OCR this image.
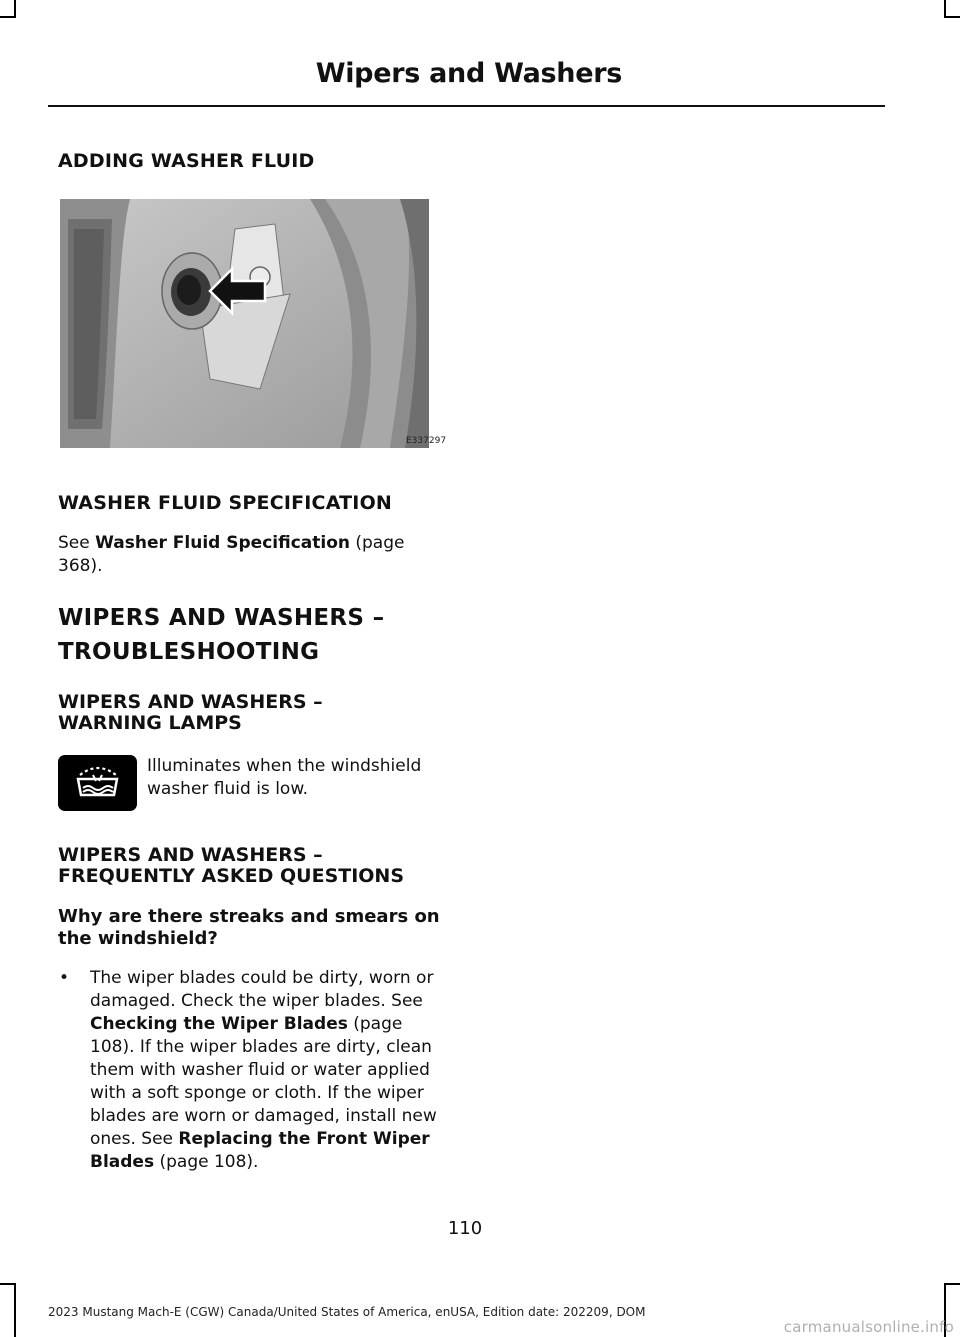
Wipers and Washers
ADDING WASHER FLUID
E337297
WASHER FLUID SPECIFICATION

See Washer Fluid Specification (page 368).

WIPERS AND WASHERS –
TROUBLESHOOTING
WIPERS AND WASHERS –
WARNING LAMPS

Illuminates when the windshield washer fluid is low.

WIPERS AND WASHERS –
FREQUENTLY ASKED QUESTIONS
Why are there streaks and smears on the windshield?
•	The wiper blades could be dirty, worn or damaged. Check the wiper blades. See Checking the Wiper Blades (page 108). If the wiper blades are dirty, clean them with washer fluid or water applied with a soft sponge or cloth. If the wiper blades are worn or damaged, install new ones. See Replacing the Front Wiper Blades (page 108).
110
2023 Mustang Mach-E (CGW) Canada/United States of America, enUSA, Edition date: 202209, DOM
carmanualsonline.info
